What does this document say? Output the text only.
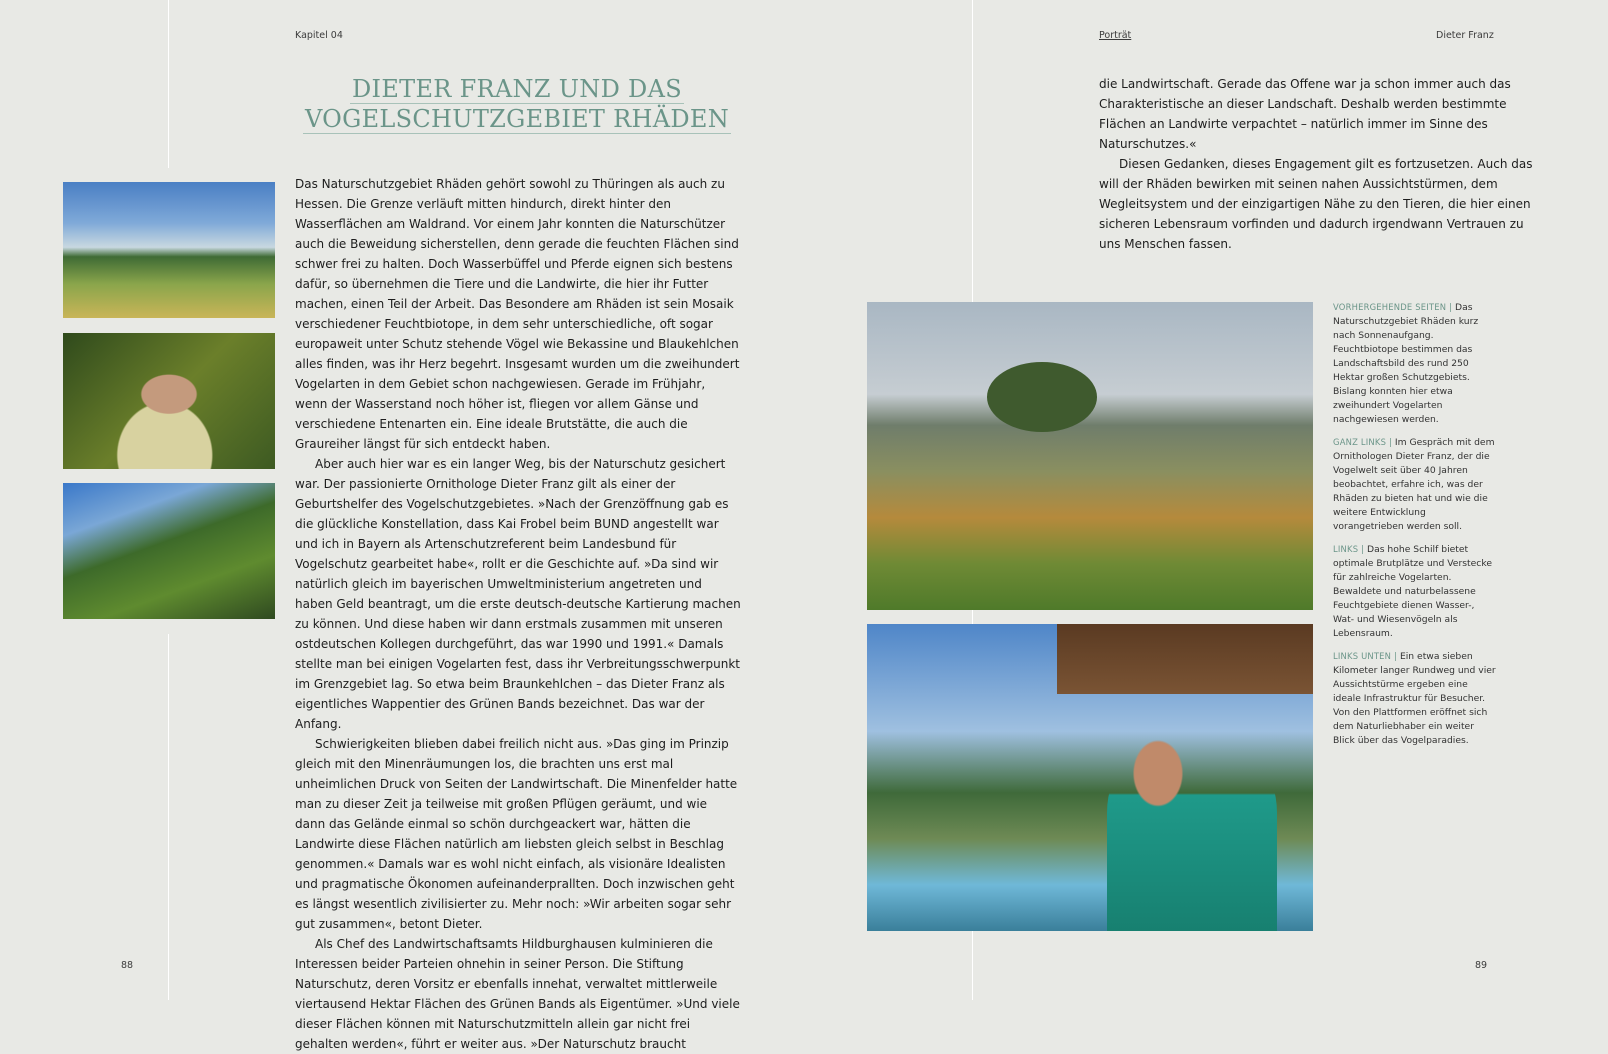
Kapitel 04	Porträt	Dieter Franz
DIETER FRANZ UND DAS
VOGELSCHUTZGEBIET RHÄDEN

Das Naturschutzgebiet Rhäden gehört sowohl zu Thüringen als auch zu Hessen. Die Grenze verläuft mitten hindurch, direkt hinter den Wasserflächen am Waldrand. Vor einem Jahr konnten die Naturschützer auch die Beweidung sicherstellen, denn gerade die feuchten Flächen sind schwer frei zu halten. Doch Wasserbüffel und Pferde eignen sich bestens dafür, so übernehmen die Tiere und die Landwirte, die hier ihr Futter machen, einen Teil der Arbeit. Das Besondere am Rhäden ist sein Mosaik verschiedener Feuchtbiotope, in dem sehr unterschiedliche, oft sogar europaweit unter Schutz stehende Vögel wie Bekassine und Blaukehlchen alles finden, was ihr Herz begehrt. Insgesamt wurden um die zweihundert Vogelarten in dem Gebiet schon nachgewiesen. Gerade im Frühjahr, wenn der Wasserstand noch höher ist, fliegen vor allem Gänse und verschiedene Entenarten ein. Eine ideale Brutstätte, die auch die Graureiher längst für sich entdeckt haben.

Aber auch hier war es ein langer Weg, bis der Naturschutz gesichert war. Der passionierte Ornithologe Dieter Franz gilt als einer der Geburtshelfer des Vogelschutzgebietes. »Nach der Grenzöffnung gab es die glückliche Konstellation, dass Kai Frobel beim BUND angestellt war und ich in Bayern als Artenschutzreferent beim Landesbund für Vogelschutz gearbeitet habe«, rollt er die Geschichte auf. »Da sind wir natürlich gleich im bayerischen Umweltministerium angetreten und haben Geld beantragt, um die erste deutsch-deutsche Kartierung machen zu können. Und diese haben wir dann erstmals zusammen mit unseren ostdeutschen Kollegen durchgeführt, das war 1990 und 1991.« Damals stellte man bei einigen Vogelarten fest, dass ihr Verbreitungsschwerpunkt im Grenzgebiet lag. So etwa beim Braunkehlchen – das Dieter Franz als eigentliches Wappentier des Grünen Bands bezeichnet. Das war der Anfang.

Schwierigkeiten blieben dabei freilich nicht aus. »Das ging im Prinzip gleich mit den Minenräumungen los, die brachten uns erst mal unheimlichen Druck von Seiten der Landwirtschaft. Die Minenfelder hatte man zu dieser Zeit ja teilweise mit großen Pflügen geräumt, und wie dann das Gelände einmal so schön durchgeackert war, hätten die Landwirte diese Flächen natürlich am liebsten gleich selbst in Beschlag genommen.« Damals war es wohl nicht einfach, als visionäre Idealisten und pragmatische Ökonomen aufeinanderprallten. Doch inzwischen geht es längst wesentlich zivilisierter zu. Mehr noch: »Wir arbeiten sogar sehr gut zusammen«, betont Dieter.

Als Chef des Landwirtschaftsamts Hildburghausen kulminieren die Interessen beider Parteien ohnehin in seiner Person. Die Stiftung Naturschutz, deren Vorsitz er ebenfalls innehat, verwaltet mittlerweile viertausend Hektar Flächen des Grünen Bands als Eigentümer. »Und viele dieser Flächen können mit Naturschutzmitteln allein gar nicht frei gehalten werden«, führt er weiter aus. »Der Naturschutz braucht

die Landwirtschaft. Gerade das Offene war ja schon immer auch das Charakteristische an dieser Landschaft. Deshalb werden bestimmte Flächen an Landwirte verpachtet – natürlich immer im Sinne des Naturschutzes.«

Diesen Gedanken, dieses Engagement gilt es fortzusetzen. Auch das will der Rhäden bewirken mit seinen nahen Aussichtstürmen, dem Wegleitsystem und der einzigartigen Nähe zu den Tieren, die hier einen sicheren Lebensraum vorfinden und dadurch irgendwann Vertrauen zu uns Menschen fassen.

VORHERGEHENDE SEITEN | Das Naturschutzgebiet Rhäden kurz nach Sonnenaufgang. Feuchtbiotope bestimmen das Landschaftsbild des rund 250 Hektar großen Schutzgebiets. Bislang konnten hier etwa zweihundert Vogelarten nachgewiesen werden.

GANZ LINKS | Im Gespräch mit dem Ornithologen Dieter Franz, der die Vogelwelt seit über 40 Jahren beobachtet, erfahre ich, was der Rhäden zu bieten hat und wie die weitere Entwicklung vorangetrieben werden soll.

LINKS | Das hohe Schilf bietet optimale Brutplätze und Verstecke für zahlreiche Vogelarten. Bewaldete und naturbelassene Feuchtgebiete dienen Wasser-, Wat- und Wiesenvögeln als Lebensraum.

LINKS UNTEN | Ein etwa sieben Kilometer langer Rundweg und vier Aussichtstürme ergeben eine ideale Infrastruktur für Besucher. Von den Plattformen eröffnet sich dem Naturliebhaber ein weiter Blick über das Vogelparadies.

88	89
